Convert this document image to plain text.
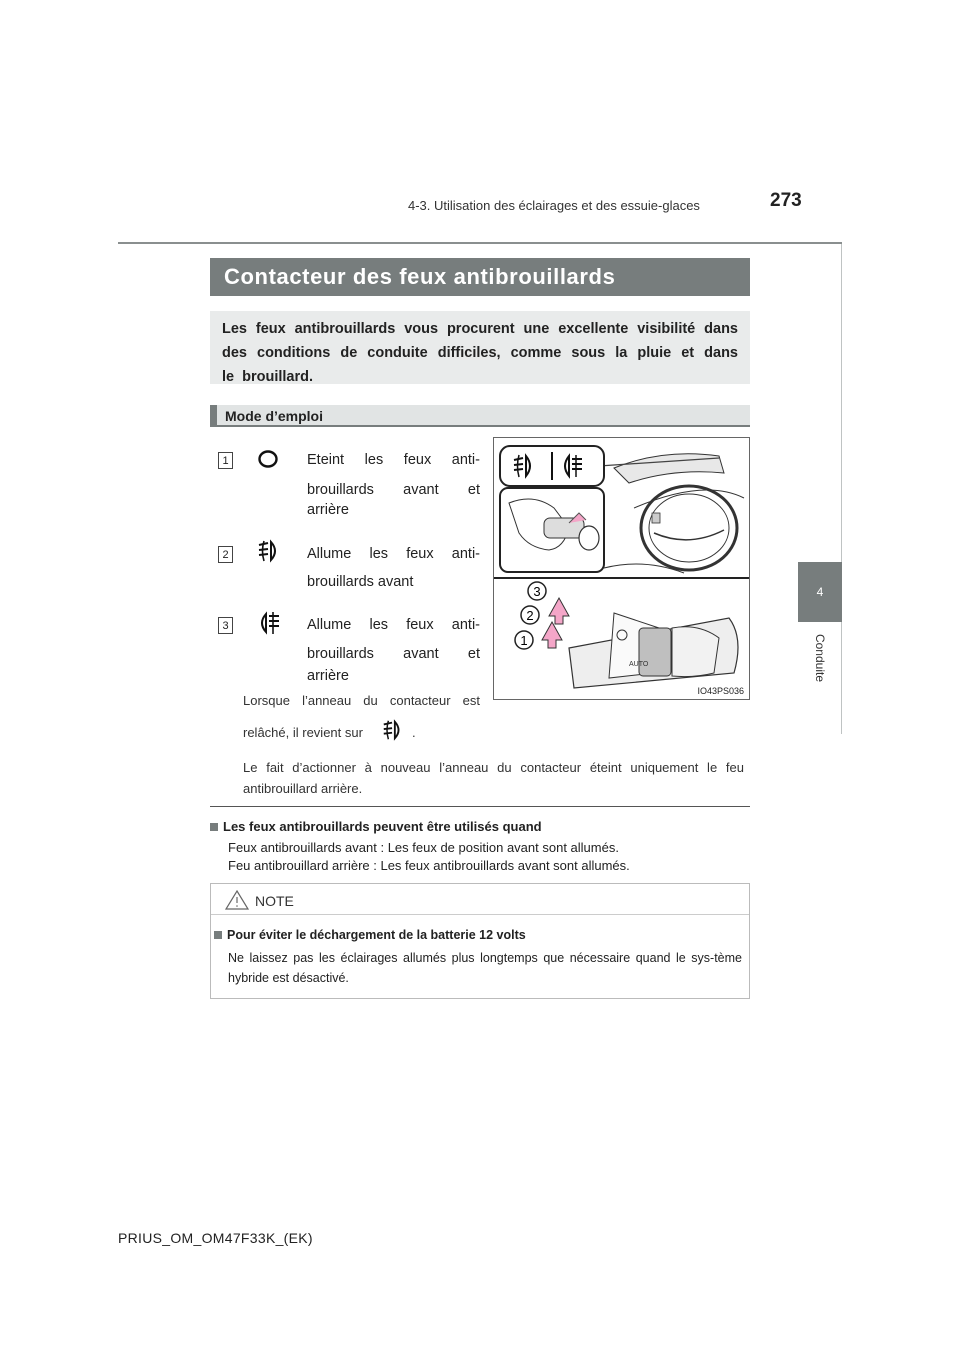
4-3. Utilisation des éclairages et des essuie-glaces	273
4
Conduite
Contacteur des feux antibrouillards
Les feux antibrouillards vous procurent une excellente visibilité dans des conditions de conduite difficiles, comme sous la pluie et dans le brouillard.
Mode d’emploi
1	Eteint les feux anti-
brouillards avant et
arrière
2	Allume les feux anti-
brouillards avant
3	Allume les feux anti-
brouillards avant et
arrière
Lorsque l’anneau du contacteur est
relâché, il revient sur	.
Le fait d’actionner à nouveau l’anneau du contacteur éteint uniquement le feu antibrouillard arrière.
AUTO
3
2
1
IO43PS036
Les feux antibrouillards peuvent être utilisés quand
Feux antibrouillards avant : Les feux de position avant sont allumés.
Feu antibrouillard arrière : Les feux antibrouillards avant sont allumés.
NOTE
Pour éviter le déchargement de la batterie 12 volts
Ne laissez pas les éclairages allumés plus longtemps que nécessaire quand le sys-tème hybride est désactivé.
PRIUS_OM_OM47F33K_(EK)
